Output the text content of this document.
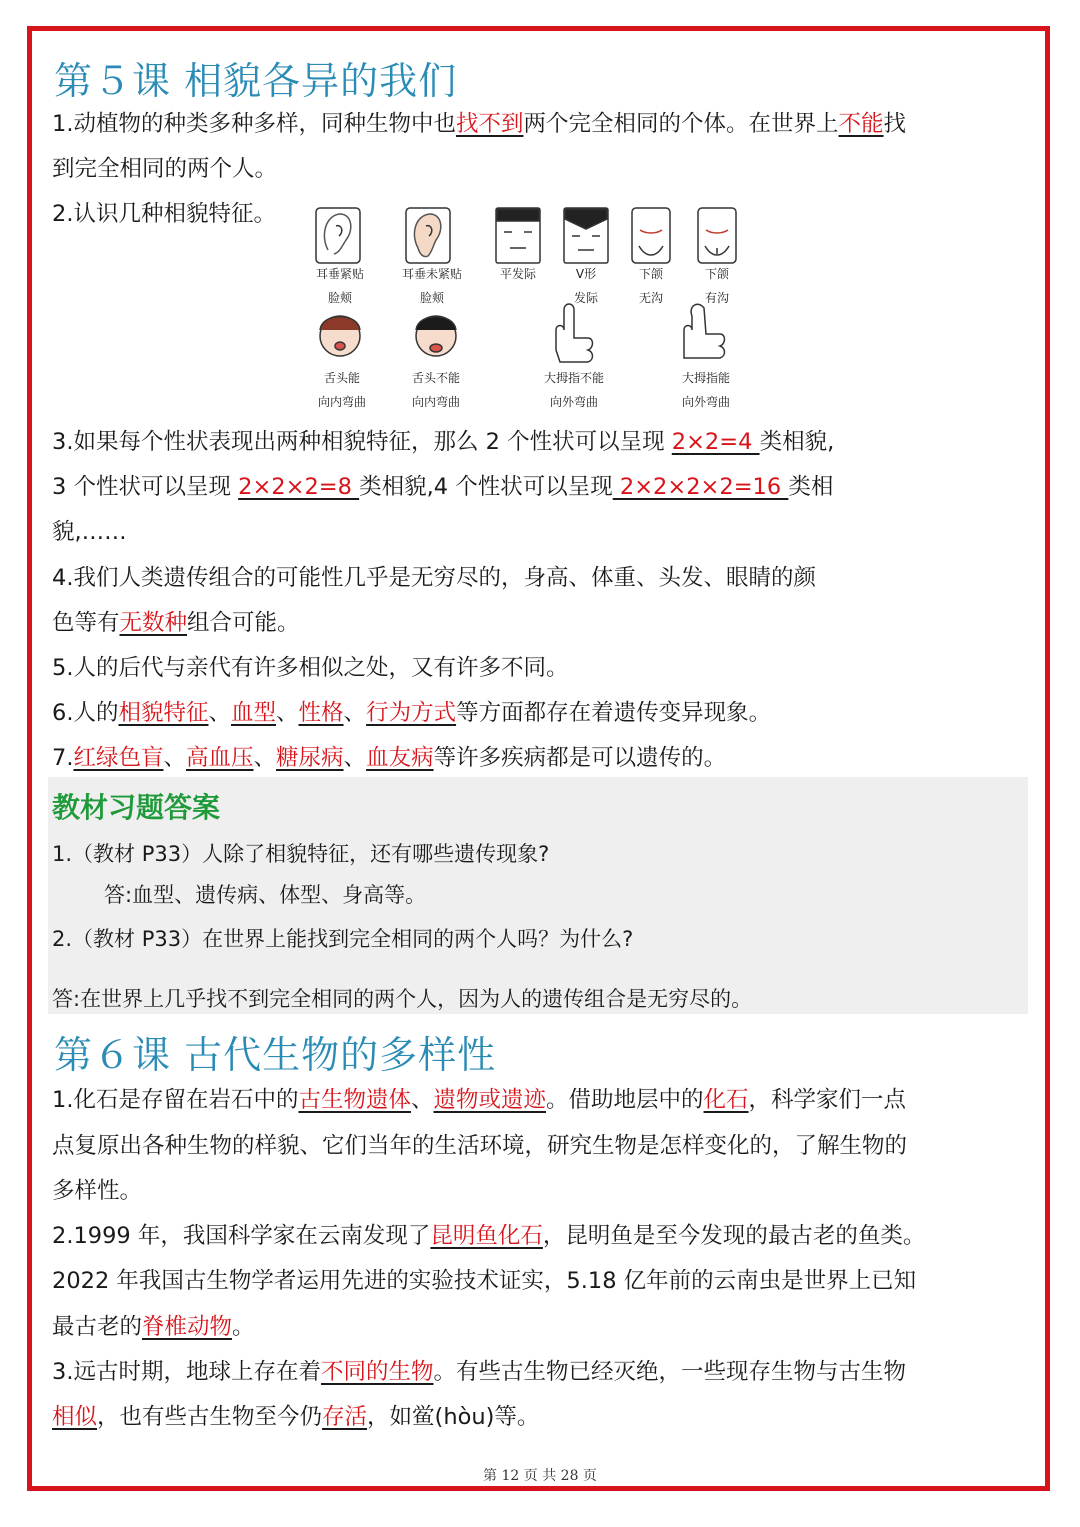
第５课 相貌各异的我们
1.动植物的种类多种多样，同种生物中也找不到两个完全相同的个体。在世界上不能找
到完全相同的两个人。
2.认识几种相貌特征。
耳垂紧贴
脸颊
耳垂未紧贴
脸颊
平发际	V形
发际
下颌
无沟
下颌
有沟
舌头能
向内弯曲
舌头不能
向内弯曲
大拇指不能
向外弯曲
大拇指能
向外弯曲
3.如果每个性状表现出两种相貌特征，那么 2 个性状可以呈现 2×2=4 类相貌,
3 个性状可以呈现 2×2×2=8 类相貌,4 个性状可以呈现 2×2×2×2=16 类相
貌,……
4.我们人类遗传组合的可能性几乎是无穷尽的，身高、体重、头发、眼睛的颜
色等有无数种组合可能。
5.人的后代与亲代有许多相似之处，又有许多不同。
6.人的相貌特征、血型、性格、行为方式等方面都存在着遗传变异现象。
7.红绿色盲、高血压、糖尿病、血友病等许多疾病都是可以遗传的。
教材习题答案
1.（教材 P33）人除了相貌特征，还有哪些遗传现象?
答:血型、遗传病、体型、身高等。
2.（教材 P33）在世界上能找到完全相同的两个人吗？为什么?
答:在世界上几乎找不到完全相同的两个人，因为人的遗传组合是无穷尽的。
第６课 古代生物的多样性
1.化石是存留在岩石中的古生物遗体、遗物或遗迹。借助地层中的化石，科学家们一点
点复原出各种生物的样貌、它们当年的生活环境，研究生物是怎样变化的，了解生物的
多样性。
2.1999 年，我国科学家在云南发现了昆明鱼化石，昆明鱼是至今发现的最古老的鱼类。
2022 年我国古生物学者运用先进的实验技术证实，5.18 亿年前的云南虫是世界上已知
最古老的脊椎动物。
3.远古时期，地球上存在着不同的生物。有些古生物已经灭绝，一些现存生物与古生物
相似，也有些古生物至今仍存活，如鲎(hòu)等。
第 12 页 共 28 页
